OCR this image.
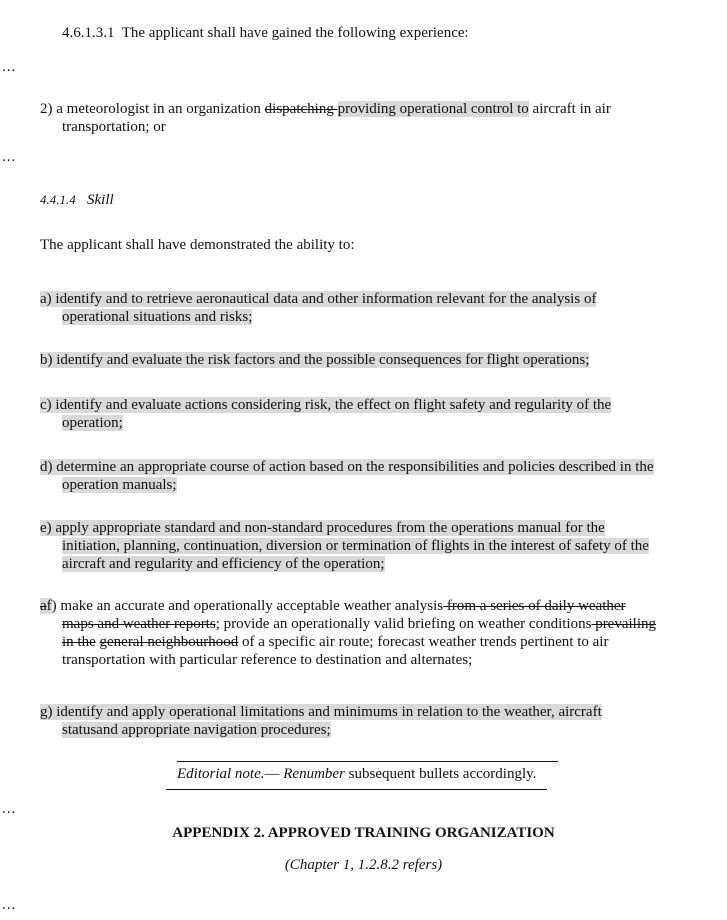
...
...
...
...
4.6.1.3.1 The applicant shall have gained the following experience:
2) a meteorologist in an organization dispatching providing operational control to aircraft in air
transportation; or
4.4.1.4 Skill
The applicant shall have demonstrated the ability to:
a) identify and to retrieve aeronautical data and other information relevant for the analysis of

operational situations and risks;
b) identify and evaluate the risk factors and the possible consequences for flight operations;
c) identify and evaluate actions considering risk, the effect on flight safety and regularity of the

operation;
d) determine an appropriate course of action based on the responsibilities and policies described in the

operation manuals;
e) apply appropriate standard and non-standard procedures from the operations manual for the

initiation, planning, continuation, diversion or termination of flights in the interest of safety of the
aircraft and regularity and efficiency of the operation;
af) make an accurate and operationally acceptable weather analysis from a series of daily weather

maps and weather reports; provide an operationally valid briefing on weather conditions prevailing
in the general neighbourhood of a specific air route; forecast weather trends pertinent to air
transportation with particular reference to destination and alternates;
g) identify and apply operational limitations and minimums in relation to the weather, aircraft

statusand appropriate navigation procedures;
Editorial note.— Renumber subsequent bullets accordingly.
APPENDIX 2. APPROVED TRAINING ORGANIZATION
(Chapter 1, 1.2.8.2 refers)
